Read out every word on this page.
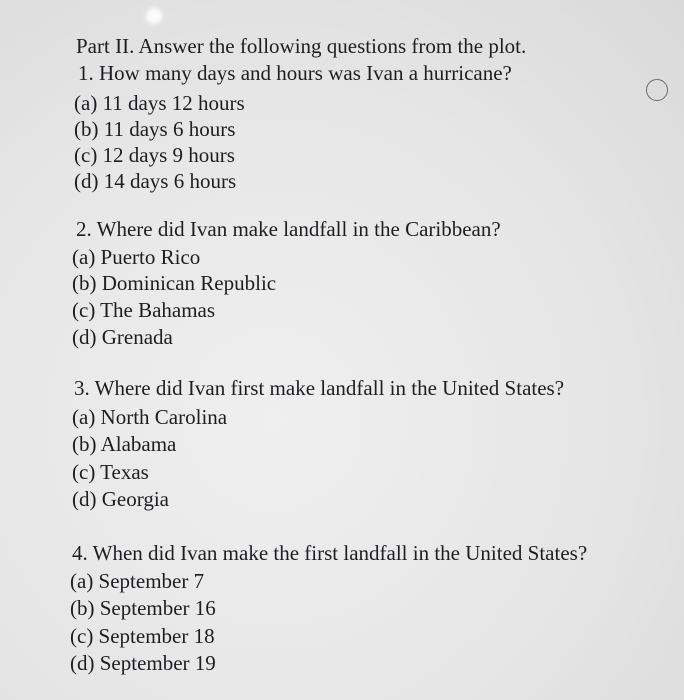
Part II. Answer the following questions from the plot.
1. How many days and hours was Ivan a hurricane?
(a) 11 days 12 hours
(b) 11 days 6 hours
(c) 12 days 9 hours
(d) 14 days 6 hours
2. Where did Ivan make landfall in the Caribbean?
(a) Puerto Rico
(b) Dominican Republic
(c) The Bahamas
(d) Grenada
3. Where did Ivan first make landfall in the United States?
(a) North Carolina
(b) Alabama
(c) Texas
(d) Georgia
4. When did Ivan make the first landfall in the United States?
(a) September 7
(b) September 16
(c) September 18
(d) September 19
